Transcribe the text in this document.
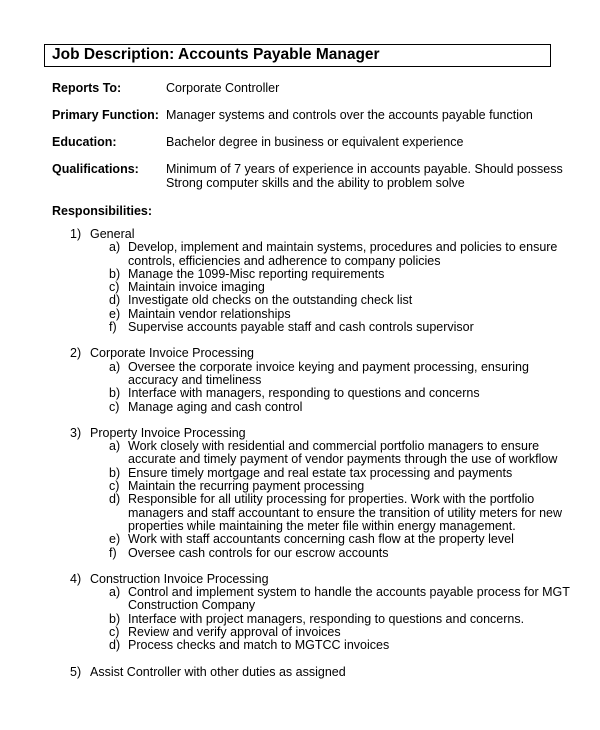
Job Description: Accounts Payable Manager
Reports To:	Corporate Controller
Primary Function: Manager systems and controls over the accounts payable function
Education:	Bachelor degree in business or equivalent experience
Qualifications: Minimum of 7 years of experience in accounts payable. Should possess
Strong computer skills and the ability to problem solve
Responsibilities:
1) General
a) Develop, implement and maintain systems, procedures and policies to ensure
controls, efficiencies and adherence to company policies
b) Manage the 1099-Misc reporting requirements
c) Maintain invoice imaging
d) Investigate old checks on the outstanding check list
e) Maintain vendor relationships
f) Supervise accounts payable staff and cash controls supervisor
2) Corporate Invoice Processing
a) Oversee the corporate invoice keying and payment processing, ensuring
accuracy and timeliness
b) Interface with managers, responding to questions and concerns
c) Manage aging and cash control
3) Property Invoice Processing
a) Work closely with residential and commercial portfolio managers to ensure
accurate and timely payment of vendor payments through the use of workflow
b) Ensure timely mortgage and real estate tax processing and payments
c) Maintain the recurring payment processing
d) Responsible for all utility processing for properties. Work with the portfolio
managers and staff accountant to ensure the transition of utility meters for new
properties while maintaining the meter file within energy management.
e) Work with staff accountants concerning cash flow at the property level
f) Oversee cash controls for our escrow accounts
4) Construction Invoice Processing
a) Control and implement system to handle the accounts payable process for MGT
Construction Company
b) Interface with project managers, responding to questions and concerns.
c) Review and verify approval of invoices
d) Process checks and match to MGTCC invoices
5) Assist Controller with other duties as assigned
